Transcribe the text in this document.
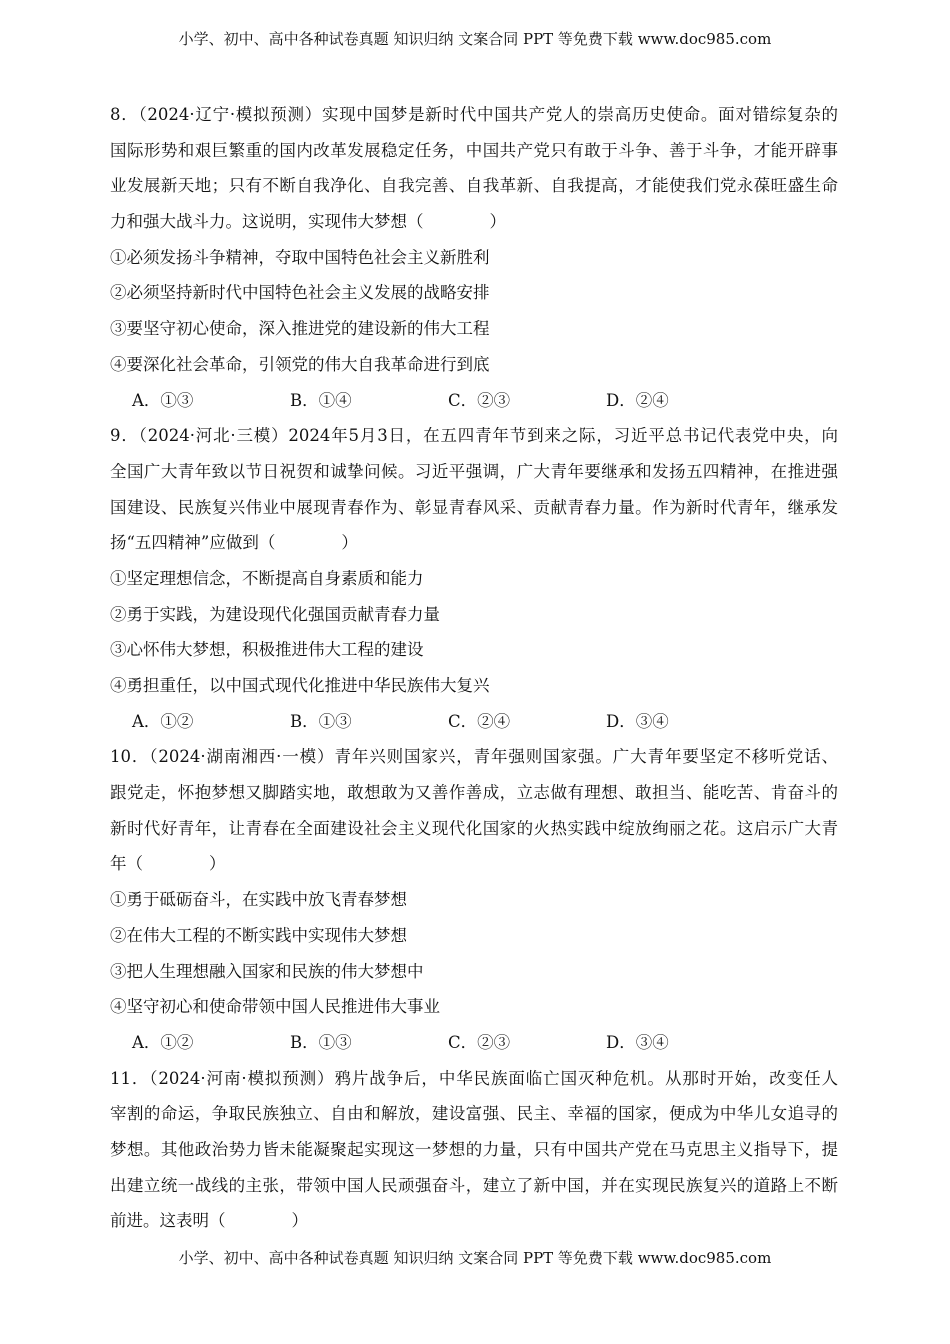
小学、初中、高中各种试卷真题 知识归纳 文案合同 PPT 等免费下载 www.doc985.com
8．（2024·辽宁·模拟预测）实现中国梦是新时代中国共产党人的崇高历史使命。面对错综复杂的
国际形势和艰巨繁重的国内改革发展稳定任务，中国共产党只有敢于斗争、善于斗争，才能开辟事
业发展新天地；只有不断自我净化、自我完善、自我革新、自我提高，才能使我们党永葆旺盛生命
力和强大战斗力。这说明，实现伟大梦想（　　　　）
①必须发扬斗争精神，夺取中国特色社会主义新胜利
②必须坚持新时代中国特色社会主义发展的战略安排
③要坚守初心使命，深入推进党的建设新的伟大工程
④要深化社会革命，引领党的伟大自我革命进行到底
A．①③	B．①④	C．②③	D．②④
9．（2024·河北·三模）2024年5月3日，在五四青年节到来之际，习近平总书记代表党中央，向
全国广大青年致以节日祝贺和诚挚问候。习近平强调，广大青年要继承和发扬五四精神，在推进强
国建设、民族复兴伟业中展现青春作为、彰显青春风采、贡献青春力量。作为新时代青年，继承发
扬“五四精神”应做到（　　　　）
①坚定理想信念，不断提高自身素质和能力
②勇于实践，为建设现代化强国贡献青春力量
③心怀伟大梦想，积极推进伟大工程的建设
④勇担重任，以中国式现代化推进中华民族伟大复兴
A．①②	B．①③	C．②④	D．③④
10．（2024·湖南湘西·一模）青年兴则国家兴，青年强则国家强。广大青年要坚定不移听党话、
跟党走，怀抱梦想又脚踏实地，敢想敢为又善作善成，立志做有理想、敢担当、能吃苦、肯奋斗的
新时代好青年，让青春在全面建设社会主义现代化国家的火热实践中绽放绚丽之花。这启示广大青
年（　　　　）
①勇于砥砺奋斗，在实践中放飞青春梦想
②在伟大工程的不断实践中实现伟大梦想
③把人生理想融入国家和民族的伟大梦想中
④坚守初心和使命带领中国人民推进伟大事业
A．①②	B．①③	C．②③	D．③④
11．（2024·河南·模拟预测）鸦片战争后，中华民族面临亡国灭种危机。从那时开始，改变任人
宰割的命运，争取民族独立、自由和解放，建设富强、民主、幸福的国家，便成为中华儿女追寻的
梦想。其他政治势力皆未能凝聚起实现这一梦想的力量，只有中国共产党在马克思主义指导下，提
出建立统一战线的主张，带领中国人民顽强奋斗，建立了新中国，并在实现民族复兴的道路上不断
前进。这表明（　　　　）
小学、初中、高中各种试卷真题 知识归纳 文案合同 PPT 等免费下载 www.doc985.com
